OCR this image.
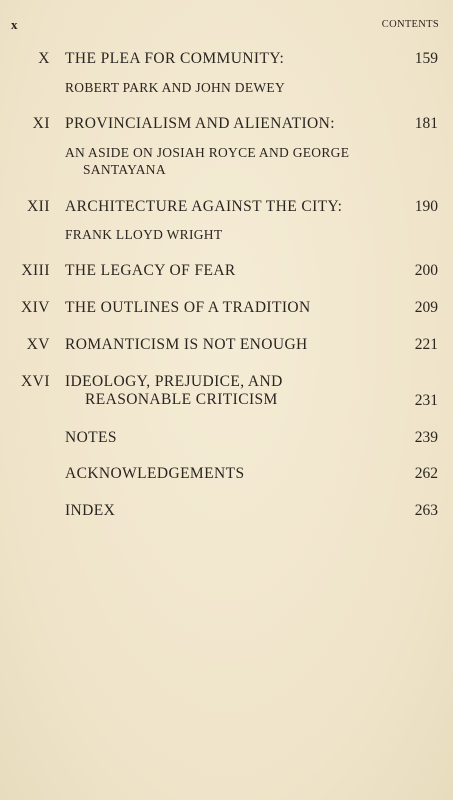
x	CONTENTS
X THE PLEA FOR COMMUNITY:	159
ROBERT PARK AND JOHN DEWEY
XI PROVINCIALISM AND ALIENATION:	181
AN ASIDE ON JOSIAH ROYCE AND GEORGE
SANTAYANA
XII ARCHITECTURE AGAINST THE CITY:	190
FRANK LLOYD WRIGHT
XIII THE LEGACY OF FEAR	200
XIV THE OUTLINES OF A TRADITION	209
XV ROMANTICISM IS NOT ENOUGH	221
XVI IDEOLOGY, PREJUDICE, AND
REASONABLE CRITICISM	231
NOTES	239
ACKNOWLEDGEMENTS	262
INDEX	263
